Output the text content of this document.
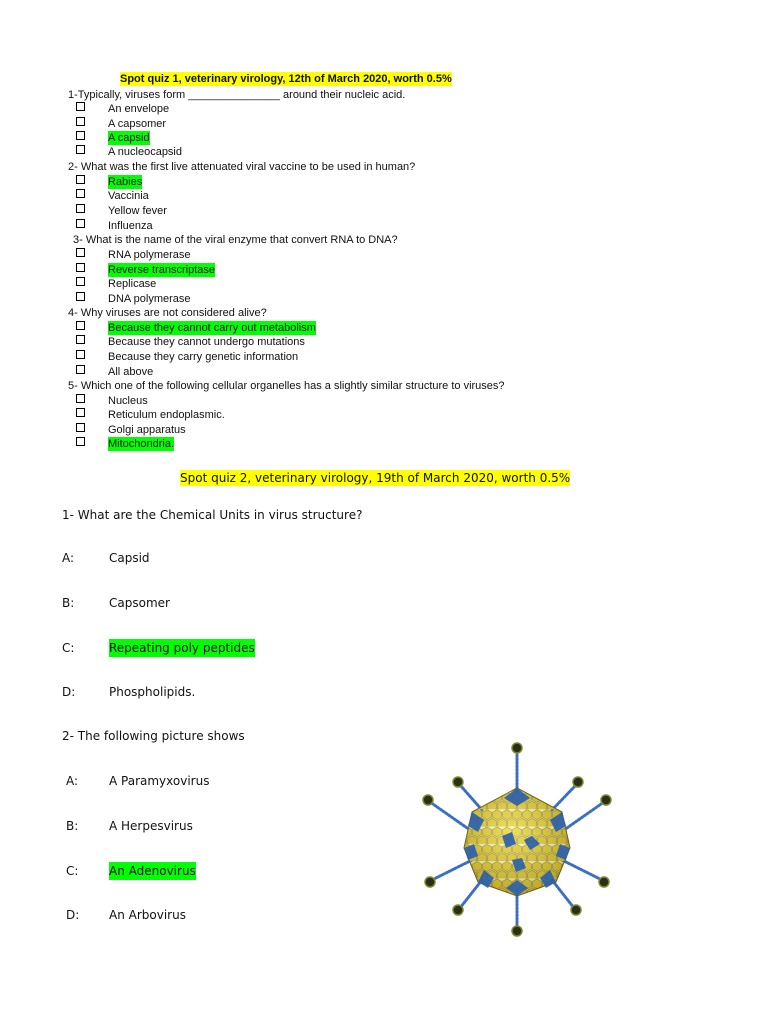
Spot quiz 1, veterinary virology, 12th of March 2020, worth 0.5%
1-Typically, viruses form _______________ around their nucleic acid.
An envelope
A capsomer
A capsid
A nucleocapsid
2- What was the first live attenuated viral vaccine to be used in human?
Rabies
Vaccinia
Yellow fever
Influenza
3- What is the name of the viral enzyme that convert RNA to DNA?
RNA polymerase
Reverse transcriptase
Replicase
DNA polymerase
4- Why viruses are not considered alive?
Because they cannot carry out metabolism
Because they cannot undergo mutations
Because they carry genetic information
All above
5- Which one of the following cellular organelles has a slightly similar structure to viruses?
Nucleus
Reticulum endoplasmic.
Golgi apparatus
Mitochondria.
Spot quiz 2, veterinary virology, 19th of March 2020, worth 0.5%
1- What are the Chemical Units in virus structure?
A:	Capsid
B:	Capsomer
C:	Repeating poly peptides
D:	Phospholipids.
2- The following picture shows
A:	A Paramyxovirus
B:	A Herpesvirus
C:	An Adenovirus
D: An Arbovirus
